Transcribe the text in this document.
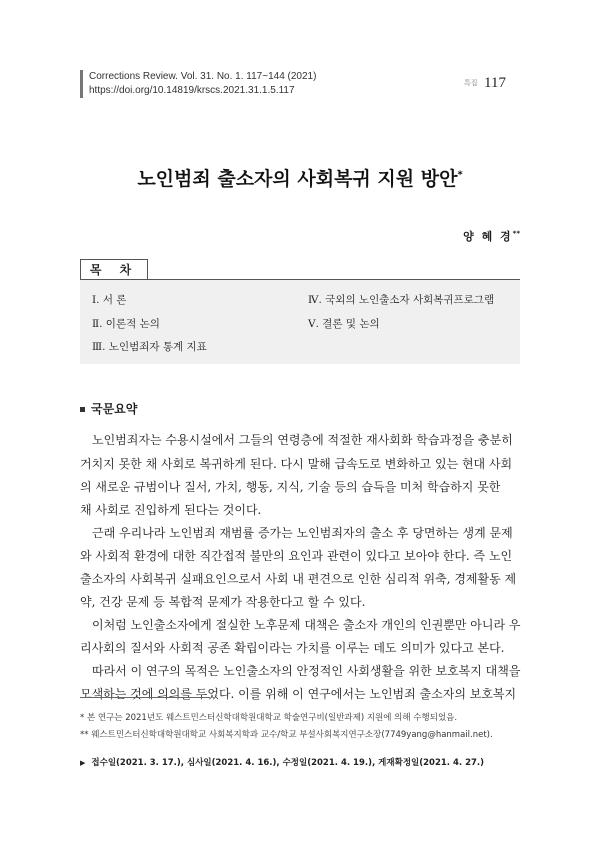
Corrections Review. Vol. 31. No. 1. 117~144 (2021)
https://doi.org/10.14819/krscs.2021.31.1.5.117
특집 117
노인범죄 출소자의 사회복귀 지원 방안*
양 혜 경**
목 차
Ⅰ. 서 론
Ⅱ. 이론적 논의
Ⅲ. 노인범죄자 통계 지표
Ⅳ. 국외의 노인출소자 사회복귀프로그램
Ⅴ. 결론 및 논의
국문요약
노인범죄자는 수용시설에서 그들의 연령층에 적절한 재사회화 학습과정을 충분히
거치지 못한 채 사회로 복귀하게 된다. 다시 말해 급속도로 변화하고 있는 현대 사회
의 새로운 규범이나 질서, 가치, 행동, 지식, 기술 등의 습득을 미처 학습하지 못한
채 사회로 진입하게 된다는 것이다.
근래 우리나라 노인범죄 재범률 증가는 노인범죄자의 출소 후 당면하는 생계 문제
와 사회적 환경에 대한 직간접적 불만의 요인과 관련이 있다고 보아야 한다. 즉 노인
출소자의 사회복귀 실패요인으로서 사회 내 편견으로 인한 심리적 위축, 경제활동 제
약, 건강 문제 등 복합적 문제가 작용한다고 할 수 있다.
이처럼 노인출소자에게 절실한 노후문제 대책은 출소자 개인의 인권뿐만 아니라 우
리사회의 질서와 사회적 공존 확립이라는 가치를 이루는 데도 의미가 있다고 본다.
따라서 이 연구의 목적은 노인출소자의 안정적인 사회생활을 위한 보호복지 대책을
모색하는 것에 의의를 두었다. 이를 위해 이 연구에서는 노인범죄 출소자의 보호복지
* 본 연구는 2021년도 웨스트민스터신학대학원대학교 학술연구비(일반과제) 지원에 의해 수행되었음.
** 웨스트민스터신학대학원대학교 사회복지학과 교수/학교 부설사회복지연구소장(7749yang@hanmail.net).
▶ 접수일(2021. 3. 17.), 심사일(2021. 4. 16.), 수정일(2021. 4. 19.), 게재확정일(2021. 4. 27.)
